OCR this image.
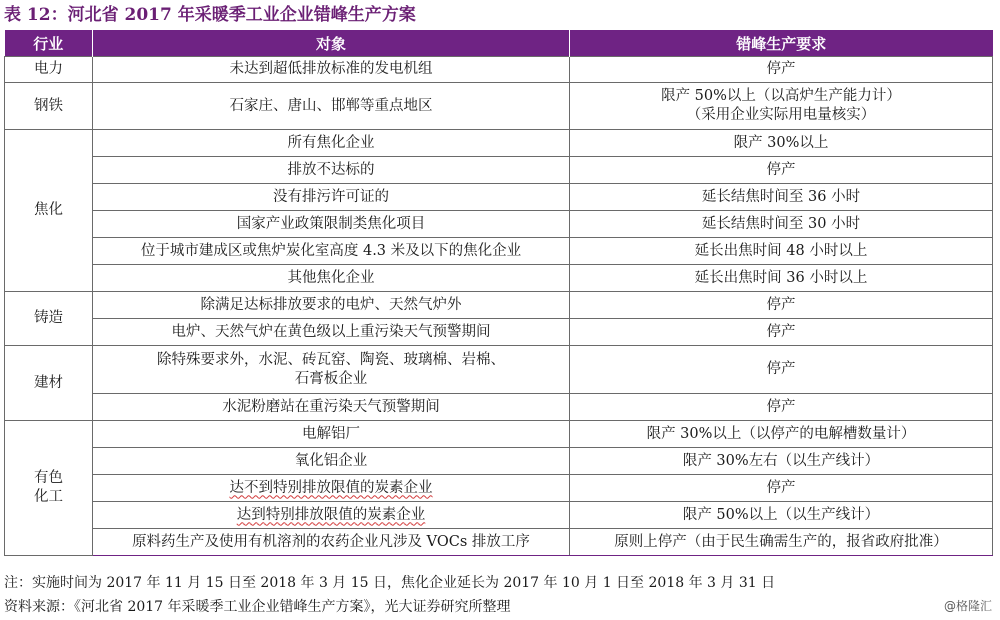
表 12：河北省 2017 年采暖季工业企业错峰生产方案
行业	对象	错峰生产要求
电力	未达到超低排放标准的发电机组	停产
钢铁	石家庄、唐山、邯郸等重点地区	限产 50%以上（以高炉生产能力计）
（采用企业实际用电量核实）
焦化	所有焦化企业	限产 30%以上
	排放不达标的	停产
	没有排污许可证的	延长结焦时间至 36 小时
	国家产业政策限制类焦化项目	延长结焦时间至 30 小时
	位于城市建成区或焦炉炭化室高度 4.3 米及以下的焦化企业	延长出焦时间 48 小时以上
	其他焦化企业	延长出焦时间 36 小时以上
铸造	除满足达标排放要求的电炉、天然气炉外	停产
	电炉、天然气炉在黄色级以上重污染天气预警期间	停产
建材	除特殊要求外，水泥、砖瓦窑、陶瓷、玻璃棉、岩棉、
石膏板企业	停产
	水泥粉磨站在重污染天气预警期间	停产
有色
化工	电解铝厂	限产 30%以上（以停产的电解槽数量计）
	氧化铝企业	限产 30%左右（以生产线计）
	达不到特别排放限值的炭素企业	停产
	达到特别排放限值的炭素企业	限产 50%以上（以生产线计）
	原料药生产及使用有机溶剂的农药企业凡涉及 VOCs 排放工序	原则上停产（由于民生确需生产的，报省政府批准）
注：实施时间为 2017 年 11 月 15 日至 2018 年 3 月 15 日，焦化企业延长为 2017 年 10 月 1 日至 2018 年 3 月 31 日
资料来源：《河北省 2017 年采暖季工业企业错峰生产方案》，光大证券研究所整理	@格隆汇
